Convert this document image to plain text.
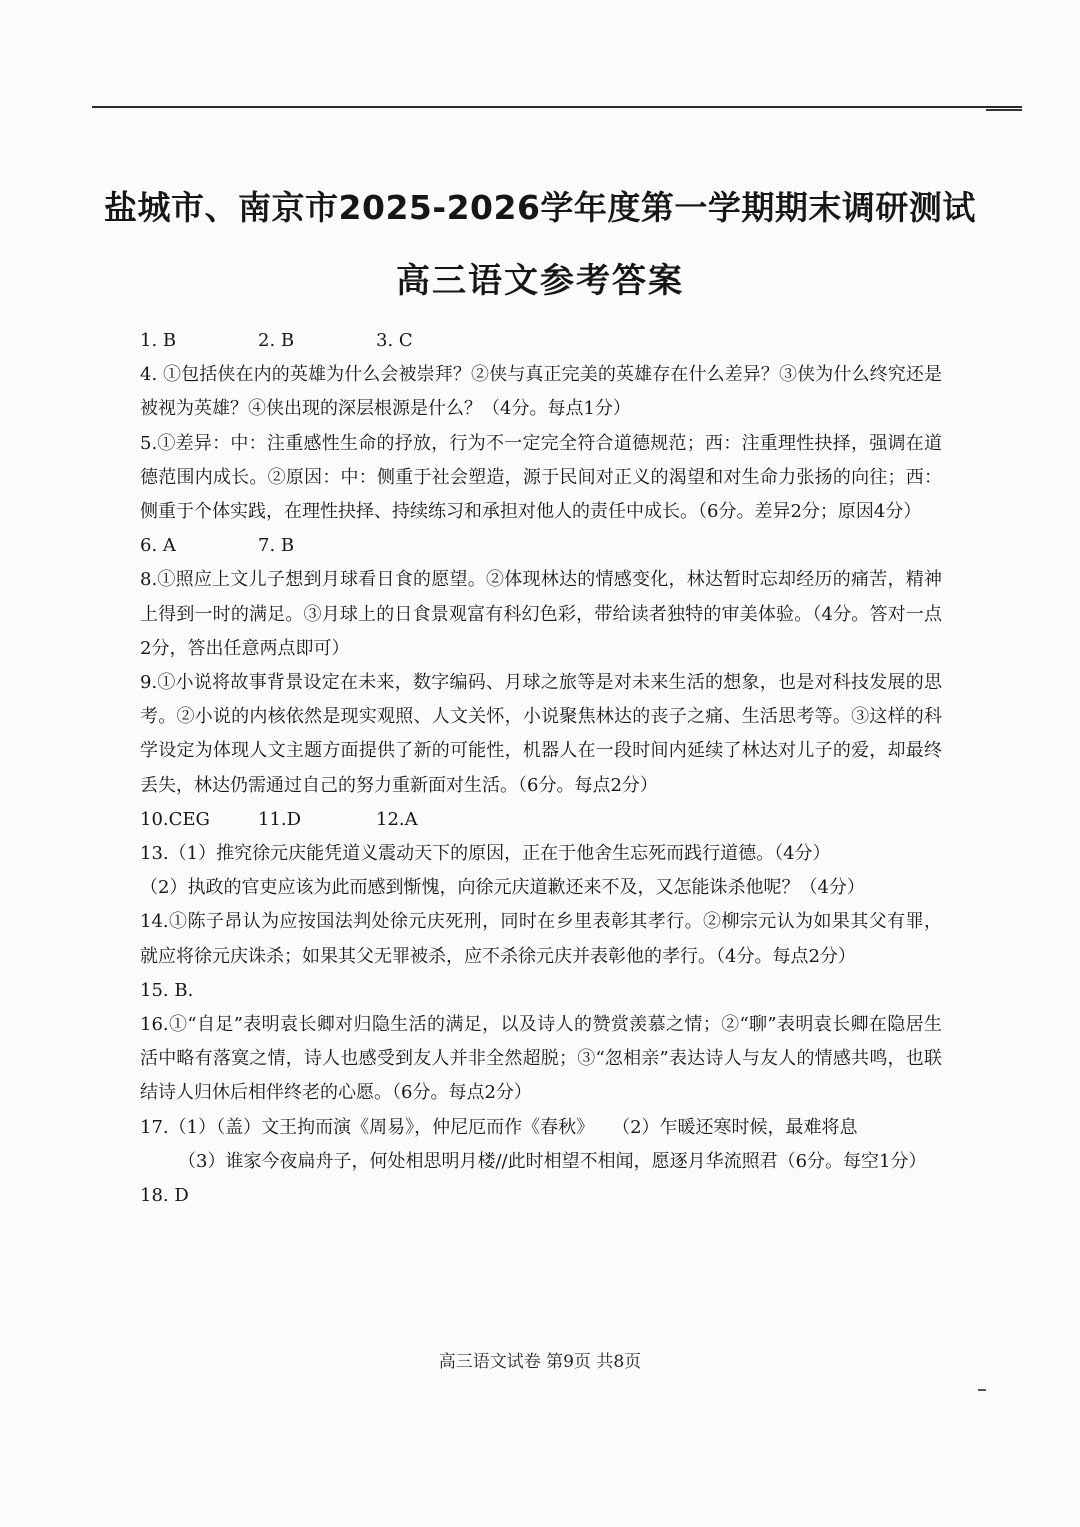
盐城市、南京市2025-2026学年度第一学期期末调研测试
高三语文参考答案
1. B	2. B	3. C

4. ①包括侠在内的英雄为什么会被崇拜？②侠与真正完美的英雄存在什么差异？③侠为什么终究还是被视为英雄？④侠出现的深层根源是什么？（4分。每点1分）

5.①差异：中：注重感性生命的抒放，行为不一定完全符合道德规范；西：注重理性抉择，强调在道德范围内成长。②原因：中：侧重于社会塑造，源于民间对正义的渴望和对生命力张扬的向往；西：侧重于个体实践，在理性抉择、持续练习和承担对他人的责任中成长。（6分。差异2分；原因4分）

6. A	7. B

8.①照应上文儿子想到月球看日食的愿望。②体现林达的情感变化，林达暂时忘却经历的痛苦，精神上得到一时的满足。③月球上的日食景观富有科幻色彩，带给读者独特的审美体验。（4分。答对一点2分，答出任意两点即可）

9.①小说将故事背景设定在未来，数字编码、月球之旅等是对未来生活的想象，也是对科技发展的思考。②小说的内核依然是现实观照、人文关怀，小说聚焦林达的丧子之痛、生活思考等。③这样的科学设定为体现人文主题方面提供了新的可能性，机器人在一段时间内延续了林达对儿子的爱，却最终丢失，林达仍需通过自己的努力重新面对生活。（6分。每点2分）

10.CEG	11.D	12.A

13.（1）推究徐元庆能凭道义震动天下的原因，正在于他舍生忘死而践行道德。（4分）

（2）执政的官吏应该为此而感到惭愧，向徐元庆道歉还来不及，又怎能诛杀他呢？（4分）

14.①陈子昂认为应按国法判处徐元庆死刑，同时在乡里表彰其孝行。②柳宗元认为如果其父有罪，就应将徐元庆诛杀；如果其父无罪被杀，应不杀徐元庆并表彰他的孝行。（4分。每点2分）

15. B.

16.①“自足”表明袁长卿对归隐生活的满足，以及诗人的赞赏羡慕之情；②“聊”表明袁长卿在隐居生活中略有落寞之情，诗人也感受到友人并非全然超脱；③“忽相亲”表达诗人与友人的情感共鸣，也联结诗人归休后相伴终老的心愿。（6分。每点2分）

17.（1）（盖）文王拘而演《周易》，仲尼厄而作《春秋》　　（2）乍暖还寒时候，最难将息

（3）谁家今夜扁舟子，何处相思明月楼//此时相望不相闻，愿逐月华流照君（6分。每空1分）

18. D

高三语文试卷 第9页 共8页
